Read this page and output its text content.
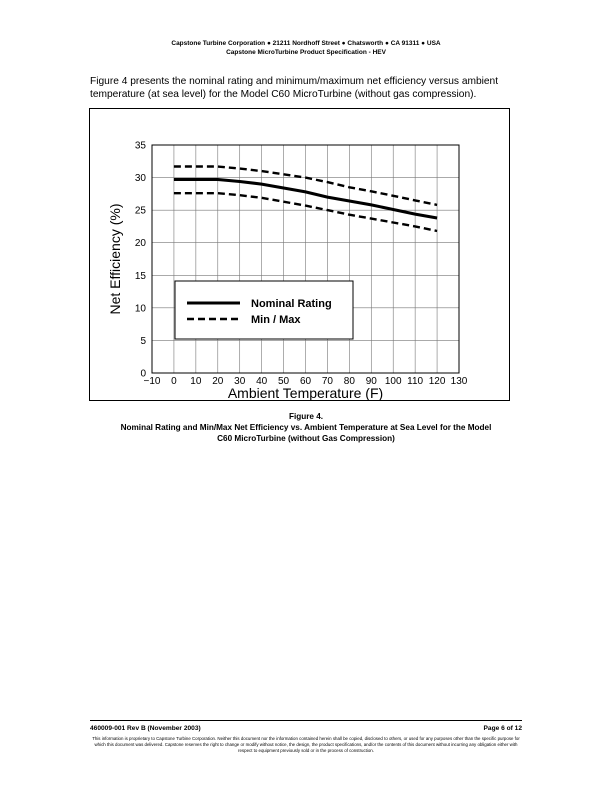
Capstone Turbine Corporation ● 21211 Nordhoff Street ● Chatsworth ● CA 91311 ● USA
Capstone MicroTurbine Product Specification - HEV
Figure 4 presents the nominal rating and minimum/maximum net efficiency versus ambient temperature (at sea level) for the Model C60 MicroTurbine (without gas compression).
0
5
10
15
20
25
30
35
−10 0 10 20 30 40 50 60 70 80 90 100 110 120 130
Ambient Temperature (F)
Net Efficiency (%)	Nominal Rating
Min / Max
Figure 4.
Nominal Rating and Min/Max Net Efficiency vs. Ambient Temperature at Sea Level for the Model
C60 MicroTurbine (without Gas Compression)
460009-001 Rev B (November 2003)	Page 6 of 12
This information is proprietary to Capstone Turbine Corporation. Neither this document nor the information contained herein shall be copied, disclosed to others, or used for any purposes other than the specific purpose for which this document was delivered. Capstone reserves the right to change or modify without notice, the design, the product specifications, and/or the contents of this document without incurring any obligation either with respect to equipment previously sold or in the process of construction.
